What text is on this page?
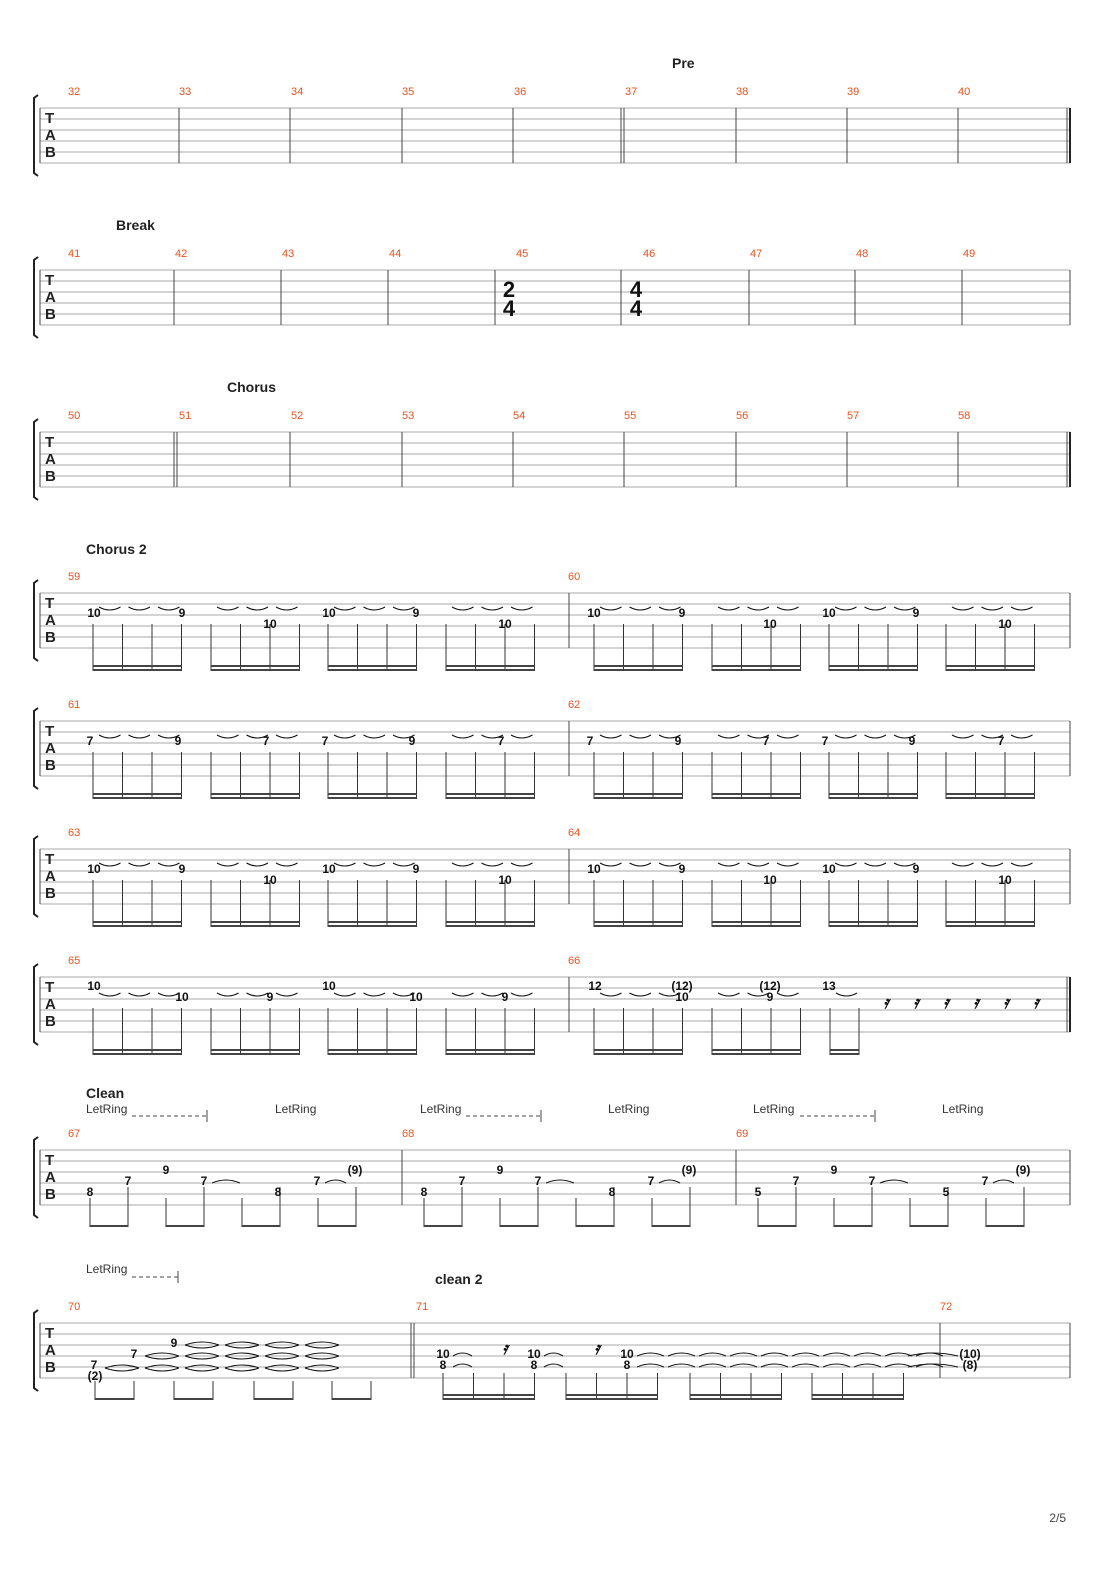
Pre
T
A
B
32	33	34	35	36	37	38	39	40
Break
T
A
B
41	42	43	44	45	46	47	48	49
2
4
4
4
Chorus
T
A
B
50	51	52	53	54	55	56	57	58
Chorus 2
T
A
B
59	60
10	9
10
10	9
10
10	9
10
10	9
10
T
A
B
61	62
7	9	7	7	9	7	7	9	7	7	9	7
T
A
B
63	64
10	9
10
10	9
10
10	9
10
10	9
10
T
A
B
65	66
10
10	9
10
10	9
12	(12)
10
(12)
9
13
𝄿 𝄿 𝄿 𝄿 𝄿 𝄿
Clean
LetRing	LetRing	LetRing	LetRing	LetRing	LetRing
T
A
B
67	68	69
8
7
9
7
8
7
(9)
8
7
9
7
8
7
(9)
5
7
9
7
5
7
(9)
LetRing
clean 2
T
A
B
70	71	72
7
(2)
7
9
10
8
10
8
10
8
𝄿	𝄿	(10)
(8)
2/5
